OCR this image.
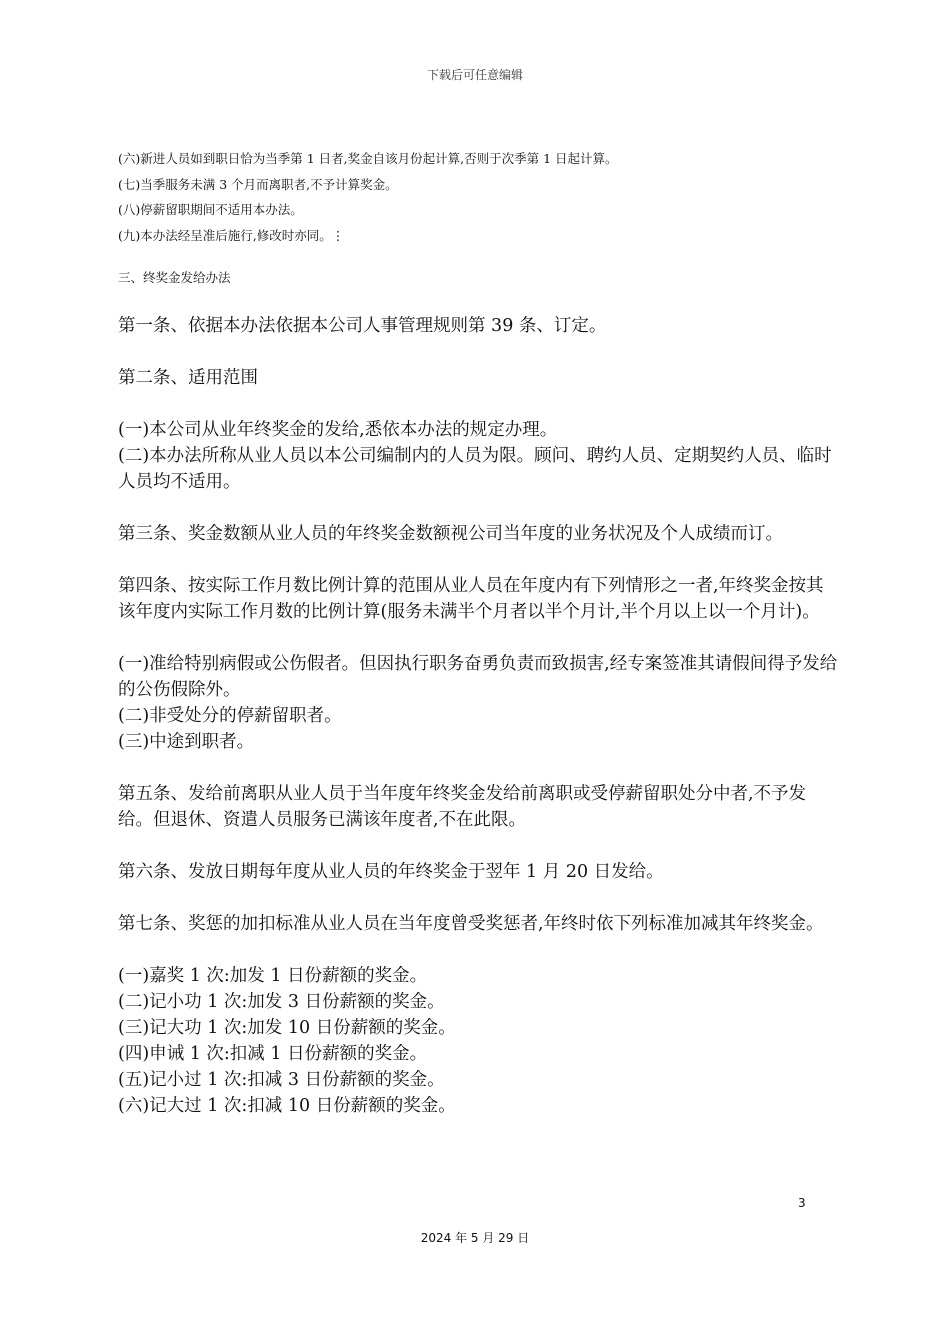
下载后可任意编辑
(六)新进人员如到职日恰为当季第 1 日者,奖金自该月份起计算,否则于次季第 1 日起计算。
(七)当季服务未满 3 个月而离职者,不予计算奖金。
(八)停薪留职期间不适用本办法。
(九)本办法经呈准后施行,修改时亦同。⋮
三、终奖金发给办法

第一条、依据本办法依据本公司人事管理规则第 39 条、订定。

第二条、适用范围

(一)本公司从业年终奖金的发给,悉依本办法的规定办理。

(二)本办法所称从业人员以本公司编制内的人员为限。顾问、聘约人员、定期契约人员、临时人员均不适用。

第三条、奖金数额从业人员的年终奖金数额视公司当年度的业务状况及个人成绩而订。

第四条、按实际工作月数比例计算的范围从业人员在年度内有下列情形之一者,年终奖金按其该年度内实际工作月数的比例计算(服务未满半个月者以半个月计,半个月以上以一个月计)。

(一)准给特别病假或公伤假者。但因执行职务奋勇负责而致损害,经专案签准其请假间得予发给的公伤假除外。

(二)非受处分的停薪留职者。

(三)中途到职者。

第五条、发给前离职从业人员于当年度年终奖金发给前离职或受停薪留职处分中者,不予发给。但退休、资遣人员服务已满该年度者,不在此限。

第六条、发放日期每年度从业人员的年终奖金于翌年 1 月 20 日发给。

第七条、奖惩的加扣标准从业人员在当年度曾受奖惩者,年终时依下列标准加减其年终奖金。

(一)嘉奖 1 次:加发 1 日份薪额的奖金。

(二)记小功 1 次:加发 3 日份薪额的奖金。

(三)记大功 1 次:加发 10 日份薪额的奖金。

(四)申诫 1 次:扣减 1 日份薪额的奖金。

(五)记小过 1 次:扣减 3 日份薪额的奖金。

(六)记大过 1 次:扣减 10 日份薪额的奖金。

3
2024 年 5 月 29 日
